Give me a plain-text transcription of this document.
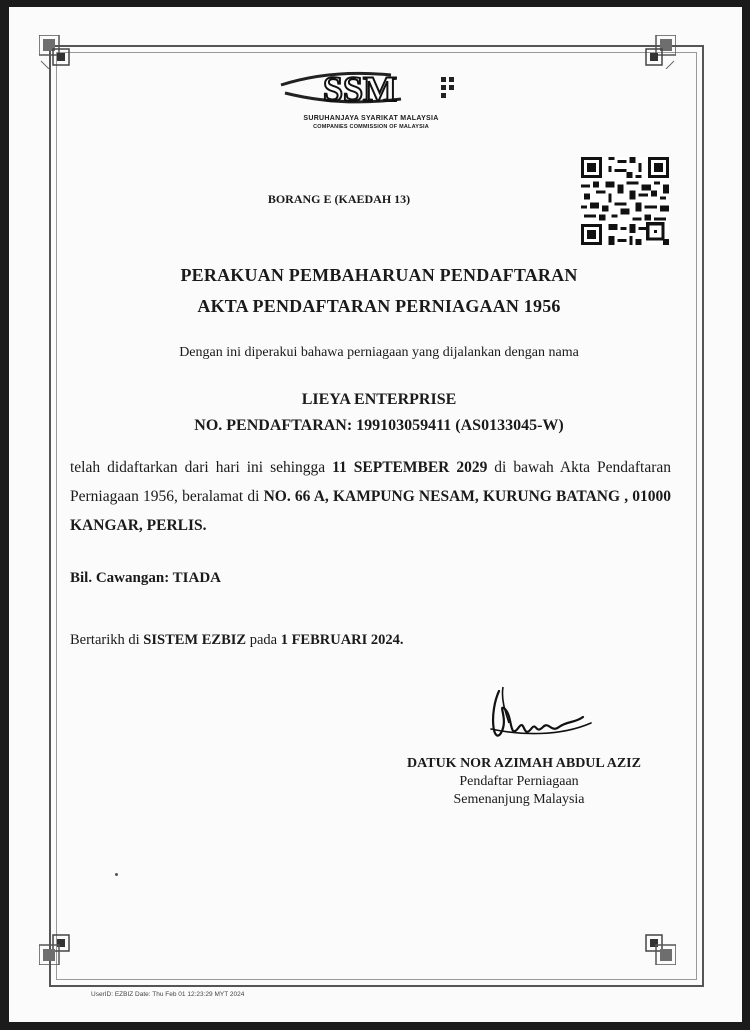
SSM
SURUHANJAYA SYARIKAT MALAYSIA
COMPANIES COMMISSION OF MALAYSIA
BORANG E (KAEDAH 13)
PERAKUAN PEMBAHARUAN PENDAFTARAN
AKTA PENDAFTARAN PERNIAGAAN 1956
Dengan ini diperakui bahawa perniagaan yang dijalankan dengan nama
LIEYA ENTERPRISE
NO. PENDAFTARAN: 199103059411 (AS0133045-W)
telah didaftarkan dari hari ini sehingga 11 SEPTEMBER 2029 di bawah Akta Pendaftaran Perniagaan 1956, beralamat di NO. 66 A, KAMPUNG NESAM, KURUNG BATANG , 01000 KANGAR, PERLIS.
Bil. Cawangan: TIADA
Bertarikh di SISTEM EZBIZ pada 1 FEBRUARI 2024.
DATUK NOR AZIMAH ABDUL AZIZ
Pendaftar Perniagaan
Semenanjung Malaysia
UserID: EZBIZ Date: Thu Feb 01 12:23:29 MYT 2024
